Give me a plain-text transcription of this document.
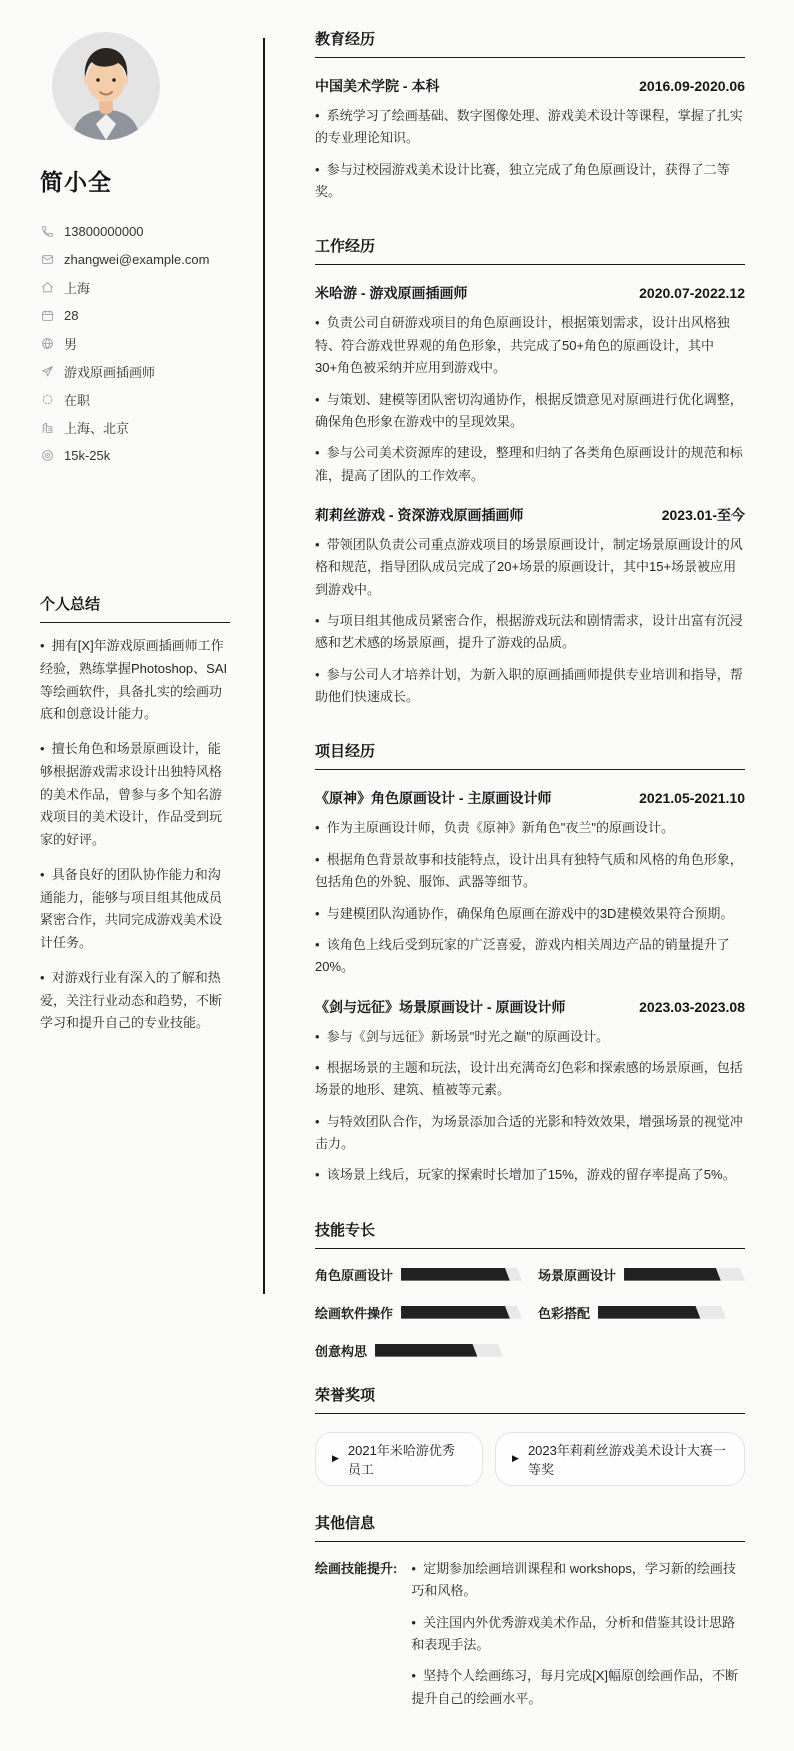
简小全
13800000000
zhangwei@example.com
上海
28
男
游戏原画插画师
在职
上海、北京
15k-25k
个人总结

•  拥有[X]年游戏原画插画师工作经验，熟练掌握Photoshop、SAI等绘画软件，具备扎实的绘画功底和创意设计能力。

•  擅长角色和场景原画设计，能够根据游戏需求设计出独特风格的美术作品，曾参与多个知名游戏项目的美术设计，作品受到玩家的好评。

•  具备良好的团队协作能力和沟通能力，能够与项目组其他成员紧密合作，共同完成游戏美术设计任务。

•  对游戏行业有深入的了解和热爱，关注行业动态和趋势，不断学习和提升自己的专业技能。

教育经历
中国美术学院 - 本科	2016.09-2020.06

•  系统学习了绘画基础、数字图像处理、游戏美术设计等课程，掌握了扎实的专业理论知识。

•  参与过校园游戏美术设计比赛，独立完成了角色原画设计，获得了二等奖。

工作经历
米哈游 - 游戏原画插画师	2020.07-2022.12

•  负责公司自研游戏项目的角色原画设计，根据策划需求，设计出风格独特、符合游戏世界观的角色形象，共完成了50+角色的原画设计，其中30+角色被采纳并应用到游戏中。

•  与策划、建模等团队密切沟通协作，根据反馈意见对原画进行优化调整，确保角色形象在游戏中的呈现效果。

•  参与公司美术资源库的建设，整理和归纳了各类角色原画设计的规范和标准，提高了团队的工作效率。

莉莉丝游戏 - 资深游戏原画插画师	2023.01-至今

•  带领团队负责公司重点游戏项目的场景原画设计，制定场景原画设计的风格和规范，指导团队成员完成了20+场景的原画设计，其中15+场景被应用到游戏中。

•  与项目组其他成员紧密合作，根据游戏玩法和剧情需求，设计出富有沉浸感和艺术感的场景原画，提升了游戏的品质。

•  参与公司人才培养计划，为新入职的原画插画师提供专业培训和指导，帮助他们快速成长。

项目经历
《原神》角色原画设计 - 主原画设计师	2021.05-2021.10

•  作为主原画设计师，负责《原神》新角色"夜兰"的原画设计。

•  根据角色背景故事和技能特点，设计出具有独特气质和风格的角色形象，包括角色的外貌、服饰、武器等细节。

•  与建模团队沟通协作，确保角色原画在游戏中的3D建模效果符合预期。

•  该角色上线后受到玩家的广泛喜爱，游戏内相关周边产品的销量提升了20%。

《剑与远征》场景原画设计 - 原画设计师	2023.03-2023.08

•  参与《剑与远征》新场景"时光之巅"的原画设计。

•  根据场景的主题和玩法，设计出充满奇幻色彩和探索感的场景原画，包括场景的地形、建筑、植被等元素。

•  与特效团队合作，为场景添加合适的光影和特效效果，增强场景的视觉冲击力。

•  该场景上线后，玩家的探索时长增加了15%，游戏的留存率提高了5%。

技能专长
角色原画设计	场景原画设计
绘画软件操作	色彩搭配
创意构思
荣誉奖项
▶
2021年米哈游优秀员工
▶
2023年莉莉丝游戏美术设计大赛一等奖
其他信息
绘画技能提升:	•  定期参加绘画培训课程和 workshops，学习新的绘画技巧和风格。

•  关注国内外优秀游戏美术作品，分析和借鉴其设计思路和表现手法。

•  坚持个人绘画练习，每月完成[X]幅原创绘画作品，不断提升自己的绘画水平。
